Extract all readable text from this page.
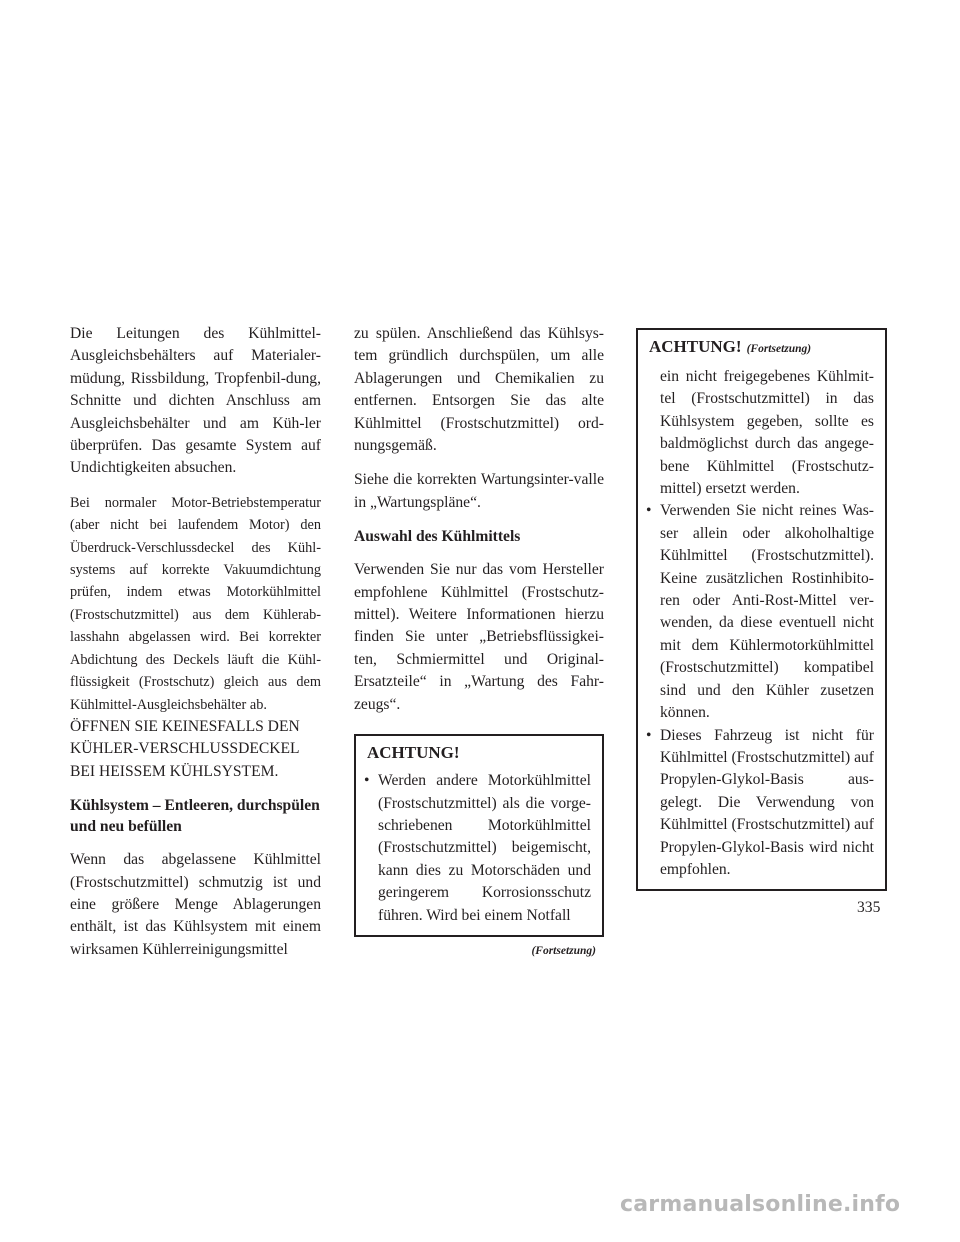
Die Leitungen des Kühlmittel-Ausgleichsbehälters auf Materialer-müdung, Rissbildung, Tropfenbil-dung, Schnitte und dichten Anschluss am Ausgleichsbehälter und am Küh-ler überprüfen. Das gesamte System auf Undichtigkeiten absuchen.

Bei normaler Motor-Betriebstemperatur (aber nicht bei laufendem Motor) den Überdruck-Verschlussdeckel des Kühl-systems auf korrekte Vakuumdichtung prüfen, indem etwas Motorkühlmittel (Frostschutzmittel) aus dem Kühlerab-lasshahn abgelassen wird. Bei korrekter Abdichtung des Deckels läuft die Kühl-flüssigkeit (Frostschutz) gleich aus dem Kühlmittel-Ausgleichsbehälter ab.

ÖFFNEN SIE KEINESFALLS DEN

KÜHLER-VERSCHLUSSDECKEL

BEI HEISSEM KÜHLSYSTEM.

Kühlsystem – Entleeren, durchspülen und neu befüllen

Wenn das abgelassene Kühlmittel (Frostschutzmittel) schmutzig ist und eine größere Menge Ablagerungen enthält, ist das Kühlsystem mit einem wirksamen Kühlerreinigungsmittel

zu spülen. Anschließend das Kühlsys-tem gründlich durchspülen, um alle Ablagerungen und Chemikalien zu entfernen. Entsorgen Sie das alte Kühlmittel (Frostschutzmittel) ord-nungsgemäß.

Siehe die korrekten Wartungsinter-valle in „Wartungspläne“.

Auswahl des Kühlmittels

Verwenden Sie nur das vom Hersteller empfohlene Kühlmittel (Frostschutz-mittel). Weitere Informationen hierzu finden Sie unter „Betriebsflüssigkei-ten, Schmiermittel und Original-Ersatzteile“ in „Wartung des Fahr-zeugs“.

ACHTUNG!
• Werden andere Motorkühlmittel (Frostschutzmittel) als die vorge-schriebenen Motorkühlmittel (Frostschutzmittel) beigemischt, kann dies zu Motorschäden und geringerem Korrosionsschutz führen. Wird bei einem Notfall
(Fortsetzung)
ACHTUNG! (Fortsetzung)

ein nicht freigegebenes Kühlmit-tel (Frostschutzmittel) in das Kühlsystem gegeben, sollte es baldmöglichst durch das angege-bene Kühlmittel (Frostschutz-mittel) ersetzt werden.

• Verwenden Sie nicht reines Was-ser allein oder alkoholhaltige Kühlmittel (Frostschutzmittel). Keine zusätzlichen Rostinhibito-ren oder Anti-Rost-Mittel ver-wenden, da diese eventuell nicht mit dem Kühlermotorkühlmittel (Frostschutzmittel) kompatibel sind und den Kühler zusetzen können.
• Dieses Fahrzeug ist nicht für Kühlmittel (Frostschutzmittel) auf Propylen-Glykol-Basis aus-gelegt. Die Verwendung von Kühlmittel (Frostschutzmittel) auf Propylen-Glykol-Basis wird nicht empfohlen.
335
carmanualsonline.info
